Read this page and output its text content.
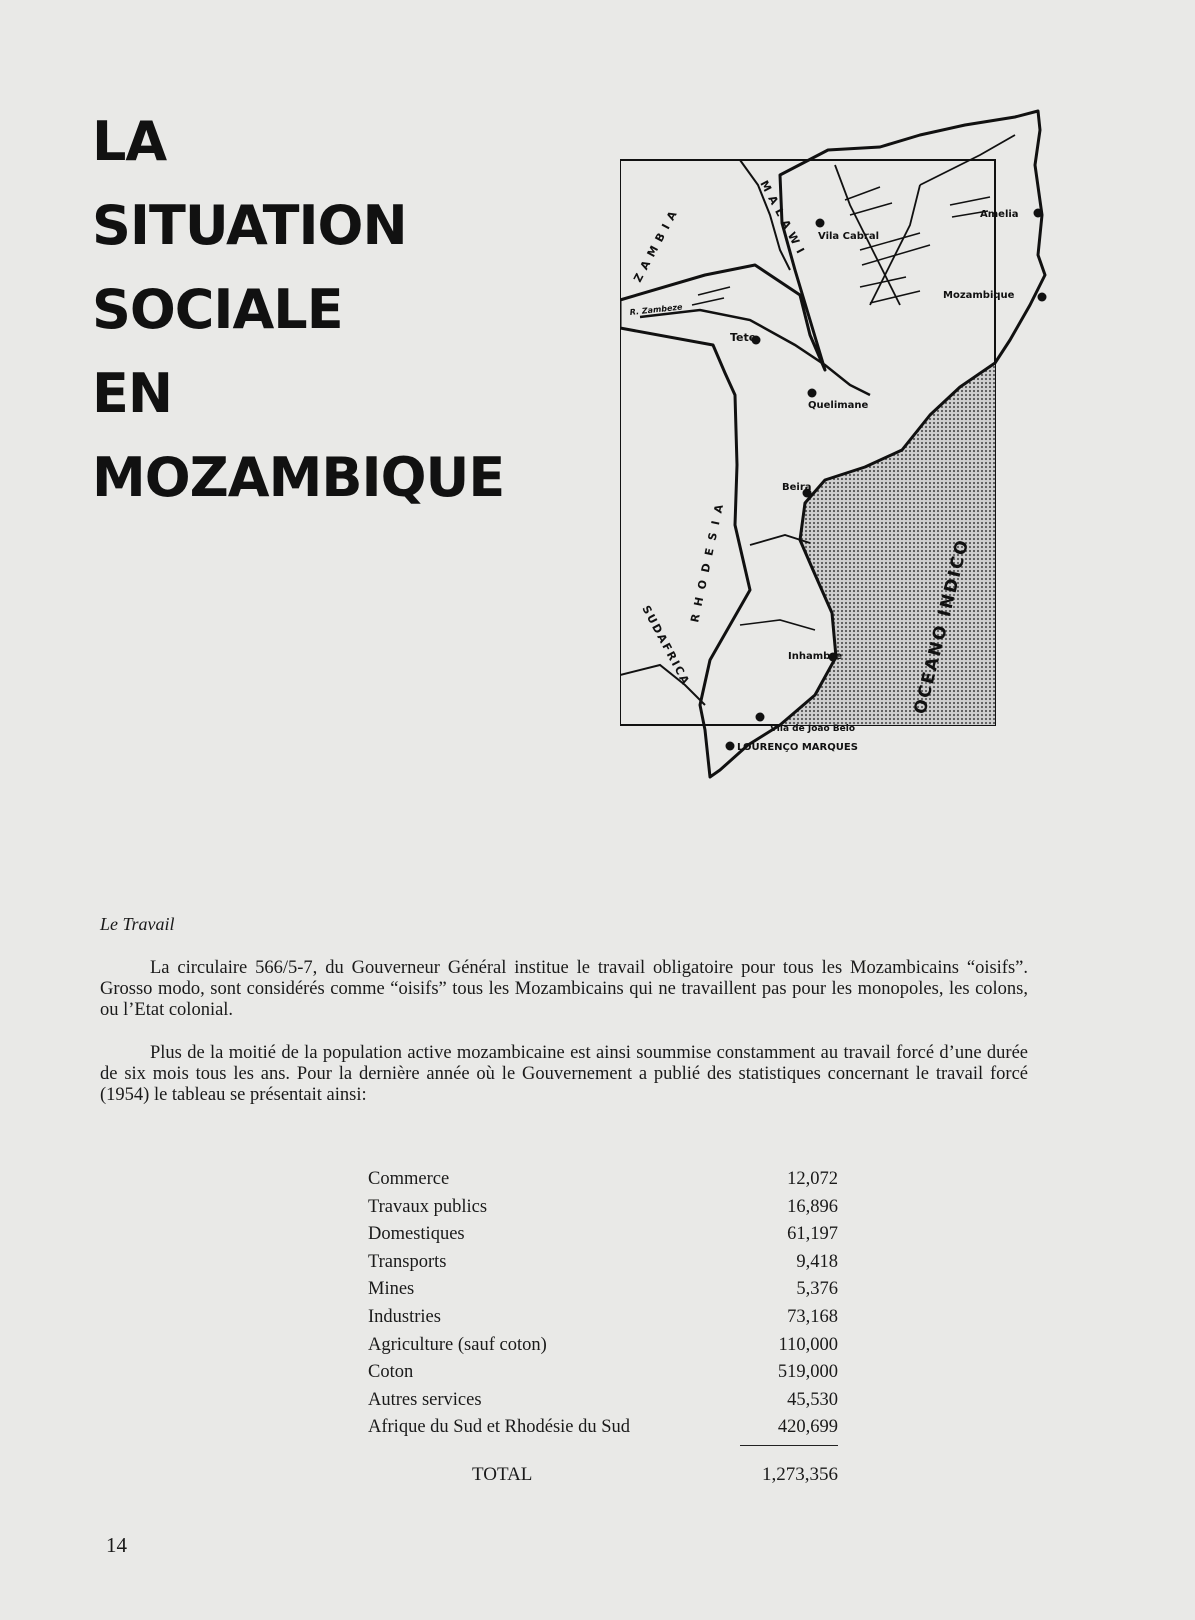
LA
SITUATION
SOCIALE
EN
MOZAMBIQUE
Amelia
Vila Cabral
Mozambique
Tete
Quelimane
Beira
Inhambre
Vila de Joao Belo
LOURENÇO MARQUES
R. Zambeze
ZAMBIA	MALAWI
RHODESIA
SUDAFRICA	OCEANO INDICO
Le Travail

La circulaire 566/5-7, du Gouverneur Général institue le travail obligatoire pour tous les Mozambicains “oisifs”. Grosso modo, sont considérés comme “oisifs” tous les Mozambicains qui ne travaillent pas pour les monopoles, les colons, ou l’Etat colonial.

Plus de la moitié de la population active mozambicaine est ainsi soummise constamment au travail forcé d’une durée de six mois tous les ans. Pour la dernière année où le Gouvernement a publié des statistiques concernant le travail forcé (1954) le tableau se présentait ainsi:

Commerce	12,072
Travaux publics	16,896
Domestiques	61,197
Transports	9,418
Mines	5,376
Industries	73,168
Agriculture (sauf coton)	110,000
Coton	519,000
Autres services	45,530
Afrique du Sud et Rhodésie du Sud	420,699
TOTAL	1,273,356
14
